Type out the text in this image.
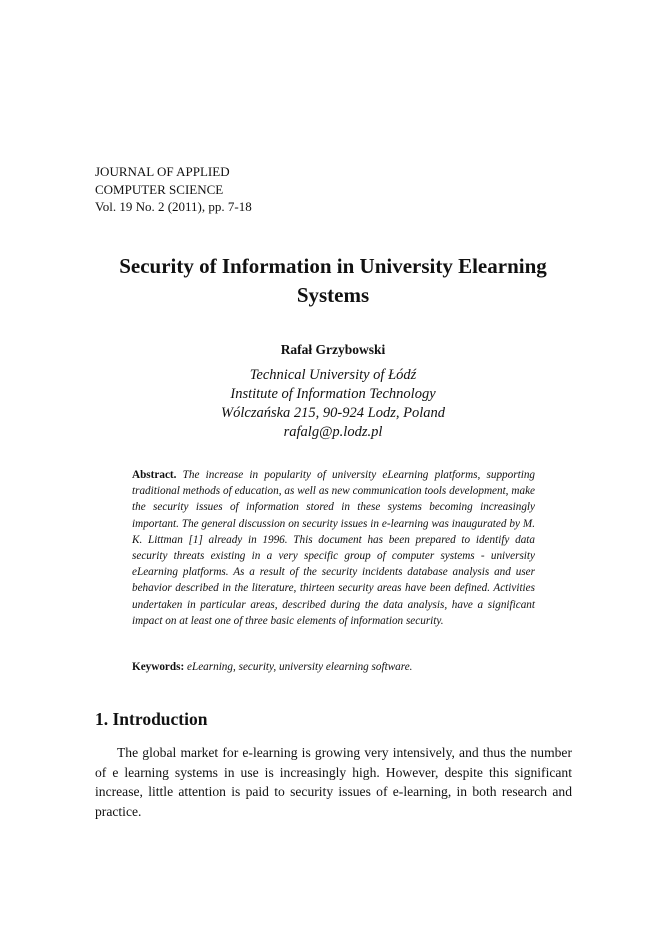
JOURNAL OF APPLIED
COMPUTER SCIENCE
Vol. 19 No. 2 (2011), pp. 7-18
Security of Information in University Elearning Systems
Rafał Grzybowski
Technical University of Łódź
Institute of Information Technology
Wólczańska 215, 90-924 Lodz, Poland
rafalg@p.lodz.pl
Abstract. The increase in popularity of university eLearning platforms, supporting traditional methods of education, as well as new communication tools development, make the security issues of information stored in these systems becoming increasingly important. The general discussion on security issues in e-learning was inaugurated by M. K. Littman [1] already in 1996. This document has been prepared to identify data security threats existing in a very specific group of computer systems - university eLearning platforms. As a result of the security incidents database analysis and user behavior described in the literature, thirteen security areas have been defined. Activities undertaken in particular areas, described during the data analysis, have a significant impact on at least one of three basic elements of information security.
Keywords: eLearning, security, university elearning software.
1. Introduction
The global market for e-learning is growing very intensively, and thus the number of e learning systems in use is increasingly high. However, despite this significant increase, little attention is paid to security issues of e-learning, in both research and practice.
